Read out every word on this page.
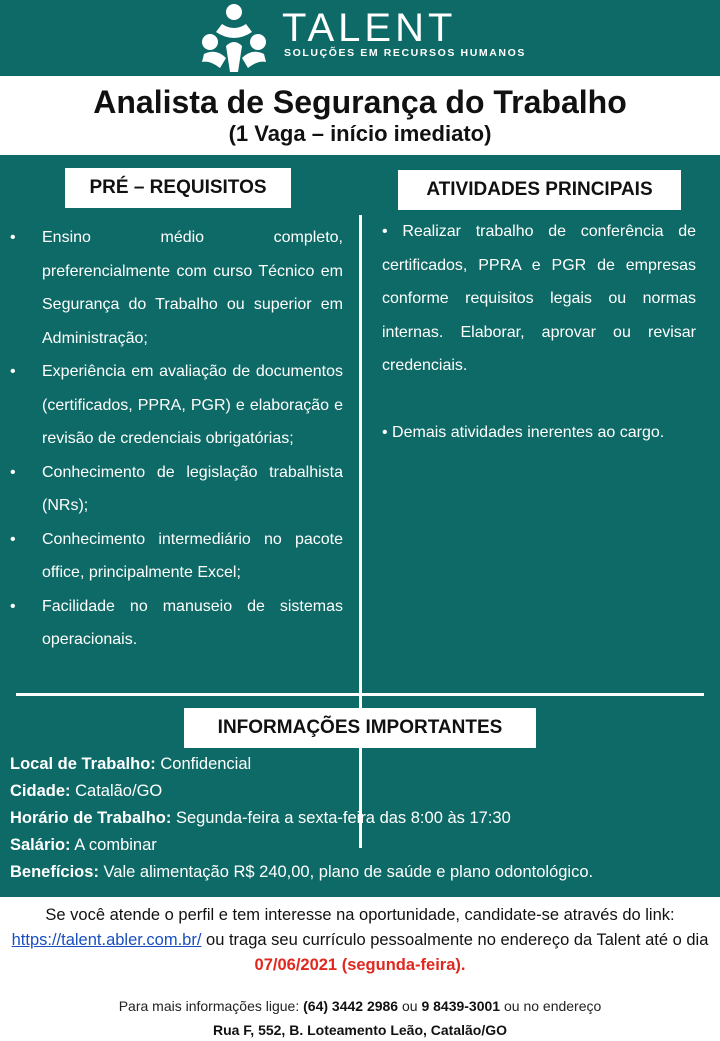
TALENT
SOLUÇÕES EM RECURSOS HUMANOS
Analista de Segurança do Trabalho

(1 Vaga – início imediato)

PRÉ – REQUISITOS	ATIVIDADES PRINCIPAIS
• Ensino médio completo, preferencialmente com curso Técnico em Segurança do Trabalho ou superior em Administração;
• Experiência em avaliação de documentos (certificados, PPRA, PGR) e elaboração e revisão de credenciais obrigatórias;
• Conhecimento de legislação trabalhista (NRs);
• Conhecimento intermediário no pacote office, principalmente Excel;
• Facilidade no manuseio de sistemas operacionais.
• Realizar trabalho de conferência de certificados, PPRA e PGR de empresas conforme requisitos legais ou normas internas. Elaborar, aprovar ou revisar credenciais.
• Demais atividades inerentes ao cargo.
INFORMAÇÕES IMPORTANTES
Local de Trabalho: Confidencial
Cidade: Catalão/GO
Horário de Trabalho: Segunda-feira a sexta-feira das 8:00 às 17:30
Salário: A combinar
Benefícios: Vale alimentação R$ 240,00, plano de saúde e plano odontológico.

Se você atende o perfil e tem interesse na oportunidade, candidate-se através do link: https://talent.abler.com.br/ ou traga seu currículo pessoalmente no endereço da Talent até o dia 07/06/2021 (segunda-feira).

Para mais informações ligue: (64) 3442 2986 ou 9 8439-3001 ou no endereço

Rua F, 552, B. Loteamento Leão, Catalão/GO
